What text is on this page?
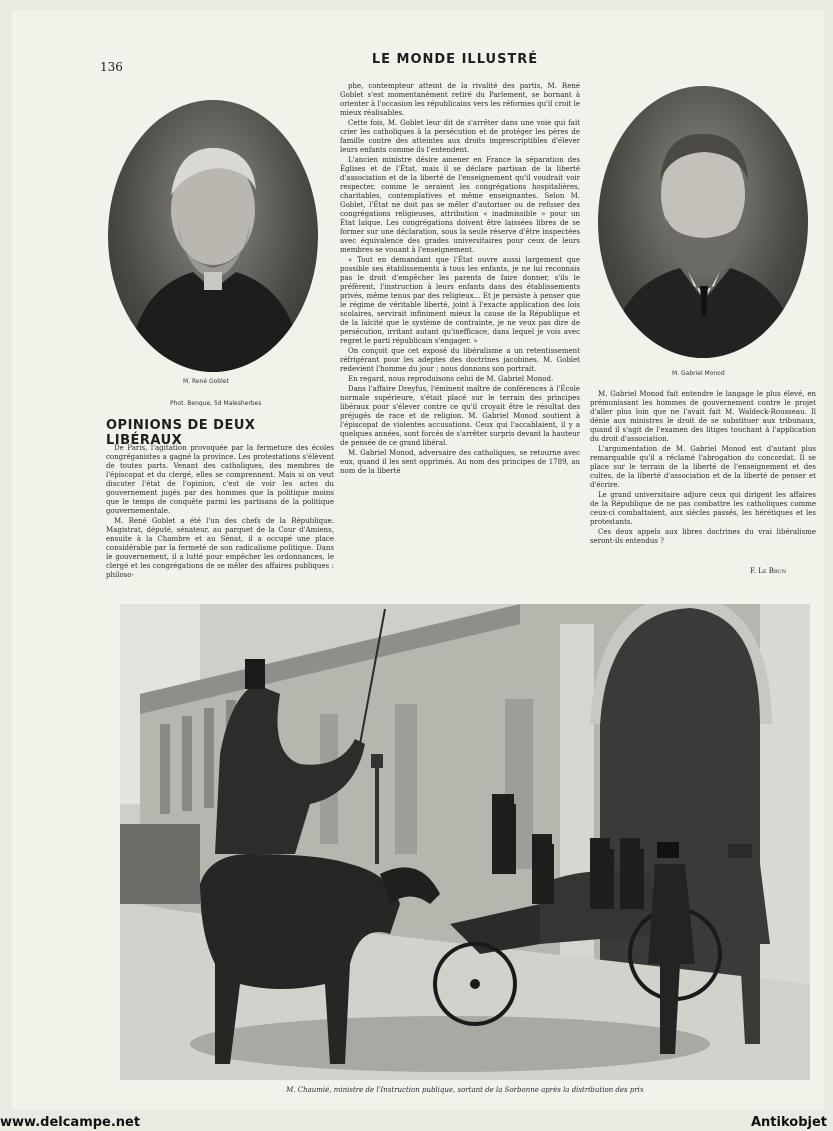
136	LE MONDE ILLUSTRÉ
M. René Goblet
Phot. Benque, 5d Malesherbes
M. Gabriel Monod
OPINIONS DE DEUX LIBÉRAUX

De Paris, l'agitation provoquée par la fermeture des écoles congréganistes a gagné la province. Les protestations s'élèvent de toutes parts. Venant des catholiques, des membres de l'épiscopat et du clergé, elles se comprennent. Mais si on veut discuter l'état de l'opinion, c'est de voir les actes du gouvernement jugés par des hommes que la politique moins que le temps de conquête parmi les partisans de la politique gouvernementale.

M. René Goblet a été l'un des chefs de la République. Magistrat, député, sénateur, au parquet de la Cour d'Amiens, ensuite à la Chambre et au Sénat, il a occupé une place considérable par la fermeté de son radicalisme politique. Dans le gouvernement, il a lutté pour empêcher les ordonnances, le clergé et les congrégations de se mêler des affaires publiques : philoso-

phe, contempteur atteint de la rivalité des partis, M. René Goblet s'est momentanément retiré du Parlement, se bornant à orienter à l'occasion les républicains vers les réformes qu'il croit le mieux réalisables.

Cette fois, M. Goblet leur dit de s'arrêter dans une voie qui fait crier les catholiques à la persécution et de protéger les pères de famille contre des atteintes aux droits imprescriptibles d'élever leurs enfants comme ils l'entendent.

L'ancien ministre désire amener en France la séparation des Églises et de l'État, mais il se déclare partisan de la liberté d'association et de la liberté de l'enseignement qu'il voudrait voir respecter, comme le seraient les congrégations hospitalières, charitables, contemplatives et même enseignantes. Selon M. Goblet, l'État ne doit pas se mêler d'autoriser ou de refuser des congrégations religieuses, attribution « inadmissible » pour un État laïque. Les congrégations doivent être laissées libres de se former sur une déclaration, sous la seule réserve d'être inspectées avec équivalence des grades universitaires pour ceux de leurs membres se vouant à l'enseignement.

« Tout en demandant que l'État ouvre aussi largement que possible ses établissements à tous les enfants, je ne lui reconnais pas le droit d'empêcher les parents de faire donner, s'ils le préfèrent, l'instruction à leurs enfants dans des établissements privés, même tenus par des religieux... Et je persiste à penser que le régime de véritable liberté, joint à l'exacte application des lois scolaires, servirait infiniment mieux la cause de la République et de la laïcité que le système de contrainte, je ne veux pas dire de persécution, irritant autant qu'inefficace, dans lequel je vois avec regret le parti républicain s'engager. »

On conçoit que cet exposé du libéralisme a un retentissement réfrigérant pour les adeptes des doctrines jacobines. M. Goblet redevient l'homme du jour ; nous donnons son portrait.

En regard, nous reproduisons celui de M. Gabriel Monod.

Dans l'affaire Dreyfus, l'éminent maître de conférences à l'École normale supérieure, s'était placé sur le terrain des principes libéraux pour s'élever contre ce qu'il croyait être le résultat des préjugés de race et de religion. M. Gabriel Monod soutient à l'épiscopat de violentes accusations. Ceux qui l'accablaient, il y a quelques années, sont forcés de s'arrêter surpris devant la hauteur de pensée de ce grand libéral.

M. Gabriel Monod, adversaire des catholiques, se retourne avec eux, quand il les sent opprimés. Au nom des principes de 1789, au nom de la liberté

M. Gabriel Monod fait entendre le langage le plus élevé, en prémunissant les hommes de gouvernement contre le projet d'aller plus loin que ne l'avait fait M. Waldeck-Rousseau. Il dénie aux ministres le droit de se substituer aux tribunaux, quand il s'agit de l'examen des litiges touchant à l'application du droit d'association.

L'argumentation de M. Gabriel Monod est d'autant plus remarquable qu'il a réclamé l'abrogation du concordat. Il se place sur le terrain de la liberté de l'enseignement et des cultes, de la liberté d'association et de la liberté de penser et d'écrire.

Le grand universitaire adjure ceux qui dirigent les affaires de la République de ne pas combattre les catholiques comme ceux-ci combattaient, aux siècles passés, les hérétiques et les protestants.

Ces deux appels aux libres doctrines du vrai libéralisme seront-ils entendus ?

F. Le Brun
M. Chaumié, ministre de l'Instruction publique, sortant de la Sorbonne après la distribution des prix
www.delcampe.net	Antikobjet
